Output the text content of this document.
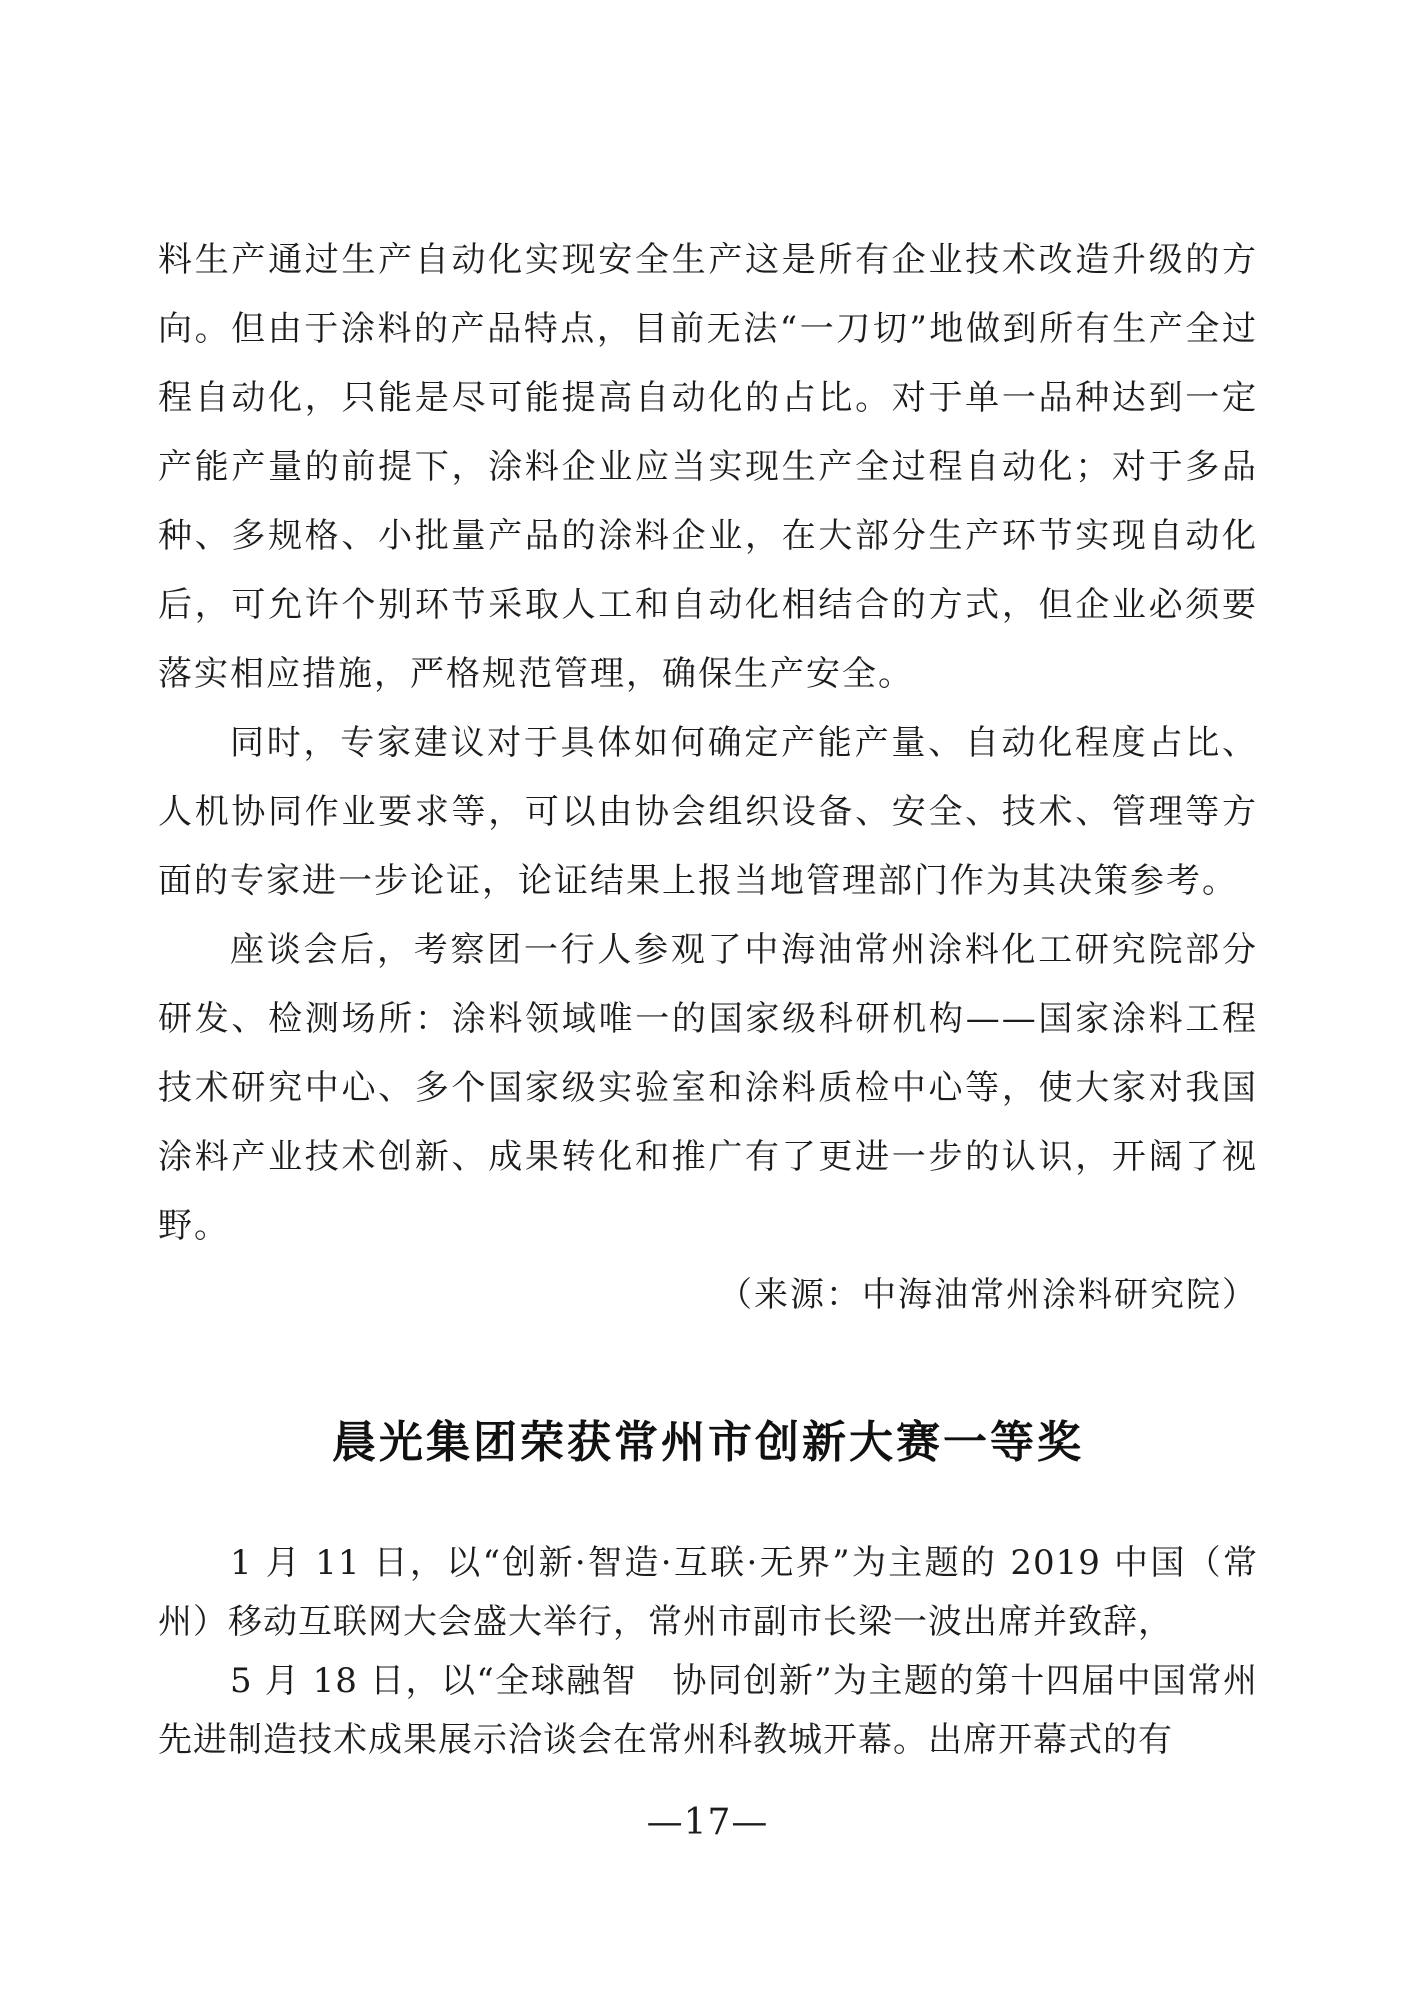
料生产通过生产自动化实现安全生产这是所有企业技术改造升级的方向。但由于涂料的产品特点，目前无法“一刀切”地做到所有生产全过程自动化，只能是尽可能提高自动化的占比。对于单一品种达到一定产能产量的前提下，涂料企业应当实现生产全过程自动化；对于多品种、多规格、小批量产品的涂料企业，在大部分生产环节实现自动化后，可允许个别环节采取人工和自动化相结合的方式，但企业必须要落实相应措施，严格规范管理，确保生产安全。

同时，专家建议对于具体如何确定产能产量、自动化程度占比、人机协同作业要求等，可以由协会组织设备、安全、技术、管理等方面的专家进一步论证，论证结果上报当地管理部门作为其决策参考。

座谈会后，考察团一行人参观了中海油常州涂料化工研究院部分研发、检测场所：涂料领域唯一的国家级科研机构——国家涂料工程技术研究中心、多个国家级实验室和涂料质检中心等，使大家对我国涂料产业技术创新、成果转化和推广有了更进一步的认识，开阔了视野。

（来源：中海油常州涂料研究院）

晨光集团荣获常州市创新大赛一等奖

1 月 11 日，以“创新·智造·互联·无界”为主题的 2019 中国（常州）移动互联网大会盛大举行，常州市副市长梁一波出席并致辞，

5 月 18 日，以“全球融智　协同创新”为主题的第十四届中国常州先进制造技术成果展示洽谈会在常州科教城开幕。出席开幕式的有

—17—
